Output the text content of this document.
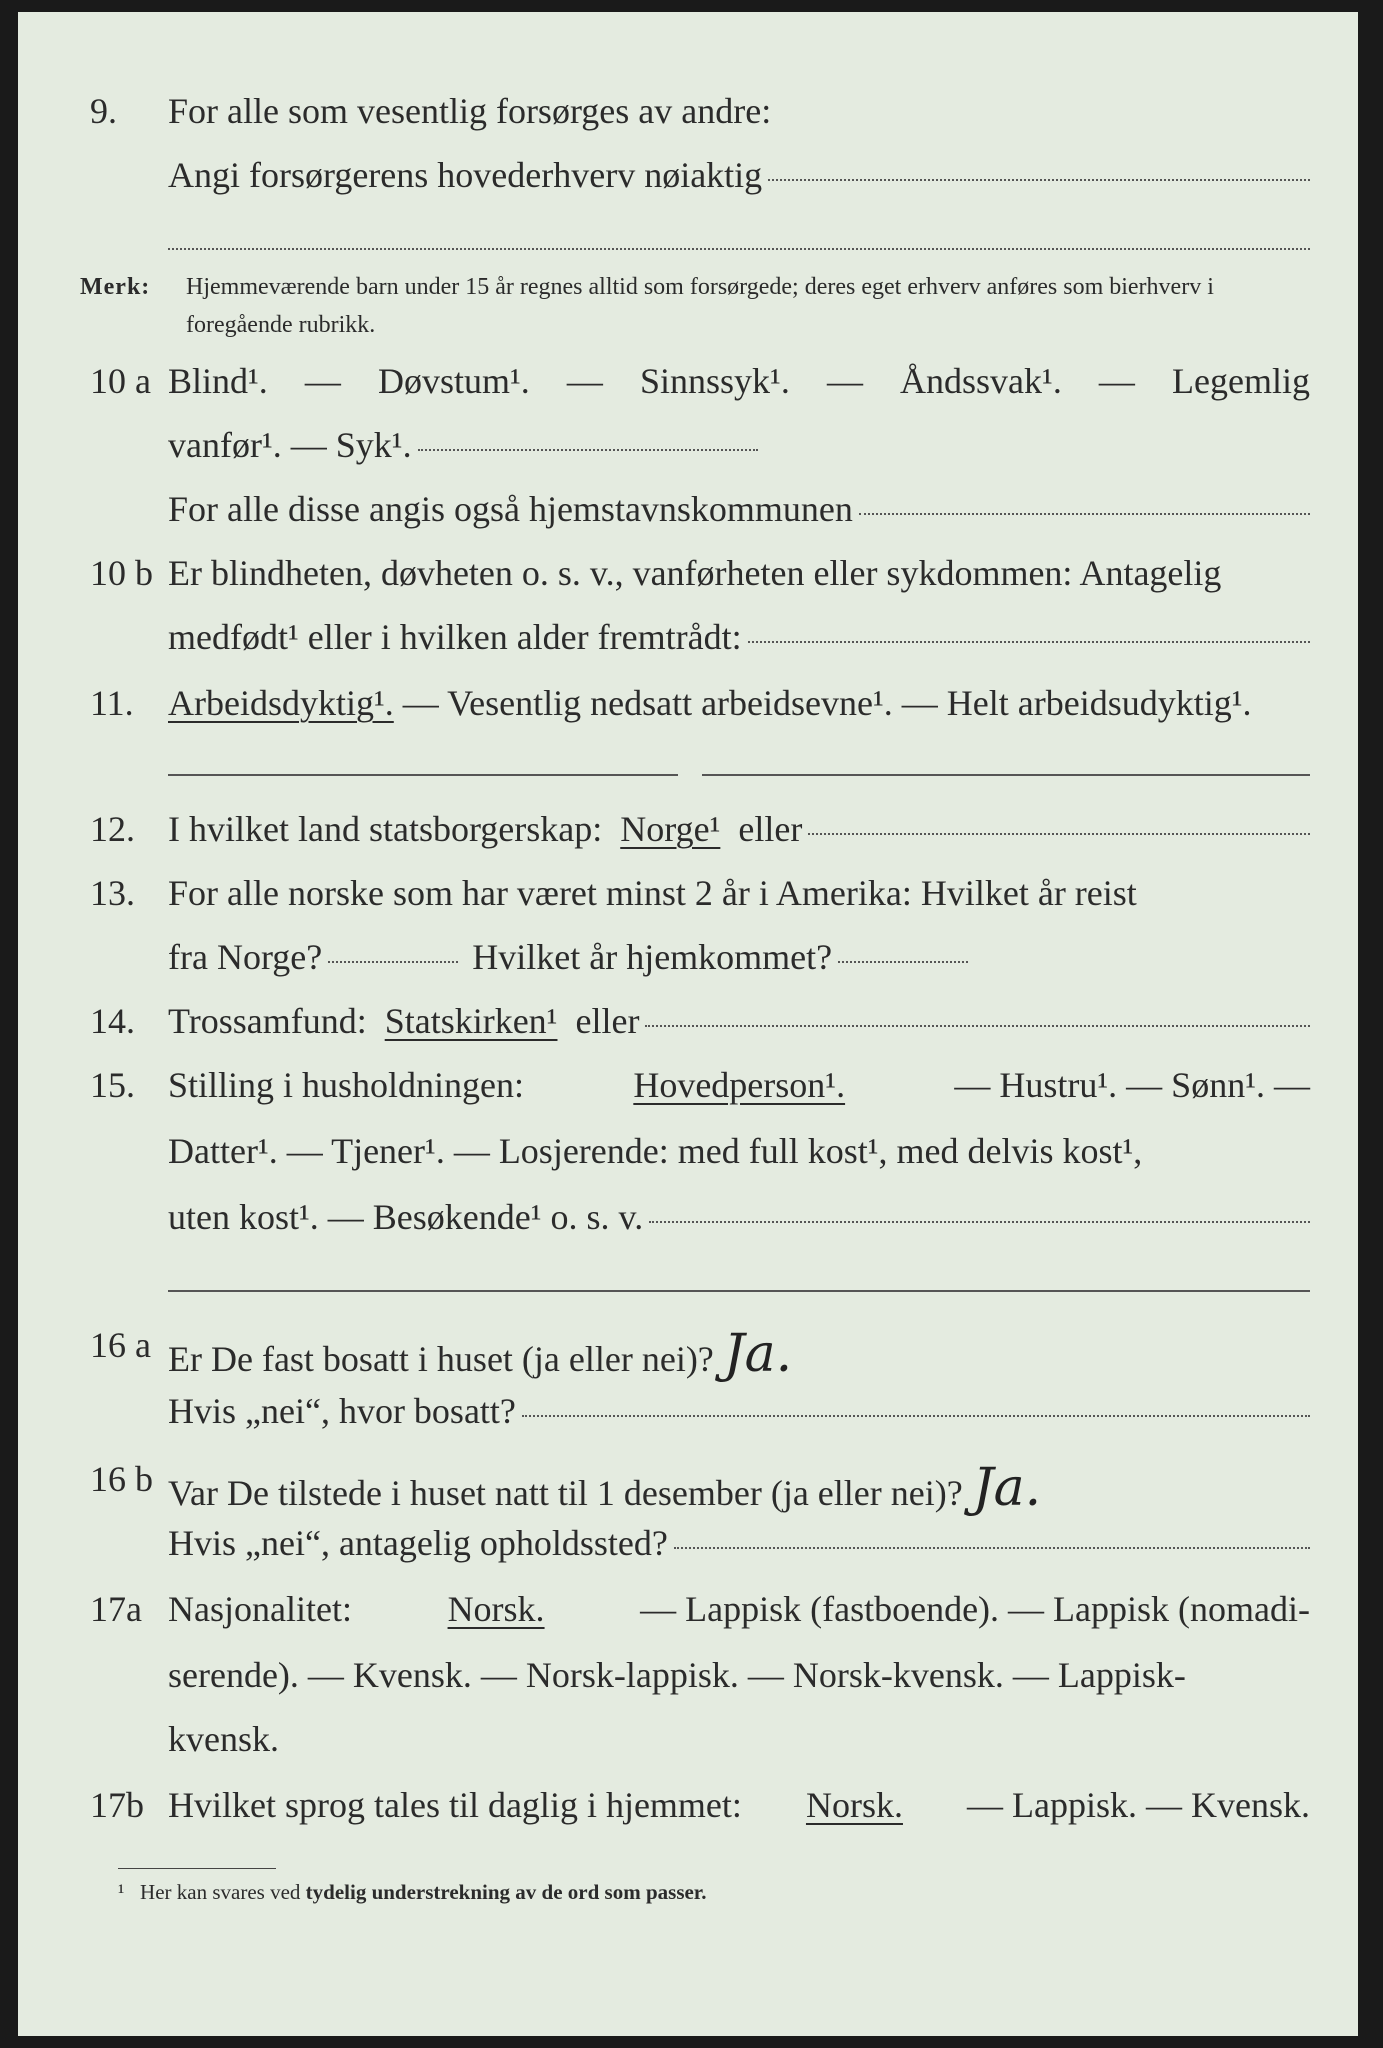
9.	For alle som vesentlig forsørges av andre:
Angi forsørgerens hovederhverv nøiaktig
Merk: Hjemmeværende barn under 15 år regnes alltid som forsørgede; deres eget erhverv anføres som bierhverv i foregående rubrikk.
10 a Blind¹. — Døvstum¹. — Sinnssyk¹. — Åndssvak¹. — Legemlig
vanfør¹. — Syk¹.
For alle disse angis også hjemstavnskommunen
10 b Er blindheten, døvheten o. s. v., vanførheten eller sykdommen: Antagelig
medfødt¹ eller i hvilken alder fremtrådt:
11. Arbeidsdyktig¹.
— Vesentlig nedsatt arbeidsevne¹. — Helt arbeidsudyktig¹.
12. I hvilket land statsborgerskap:
Norge¹
eller
13. For alle norske som har været minst 2 år i Amerika: Hvilket år reist
fra Norge?	Hvilket år hjemkommet?
14. Trossamfund:
Statskirken¹
eller
15. Stilling i husholdningen:	Hovedperson¹.	— Hustru¹. — Sønn¹. —
Datter¹. — Tjener¹. — Losjerende: med full kost¹, med delvis kost¹,
uten kost¹. — Besøkende¹ o. s. v.
16 a Er De fast bosatt i huset (ja eller nei)? Ja.
Hvis „nei“, hvor bosatt?
16 b Var De tilstede i huset natt til 1 desember (ja eller nei)? Ja.
Hvis „nei“, antagelig opholdssted?
17a Nasjonalitet:	Norsk.	— Lappisk (fastboende). — Lappisk (nomadi-
serende). — Kvensk. — Norsk-lappisk. — Norsk-kvensk. — Lappisk-
kvensk.
17b Hvilket sprog tales til daglig i hjemmet: Norsk. — Lappisk. — Kvensk.
¹ Her kan svares ved tydelig understrekning av de ord som passer.
